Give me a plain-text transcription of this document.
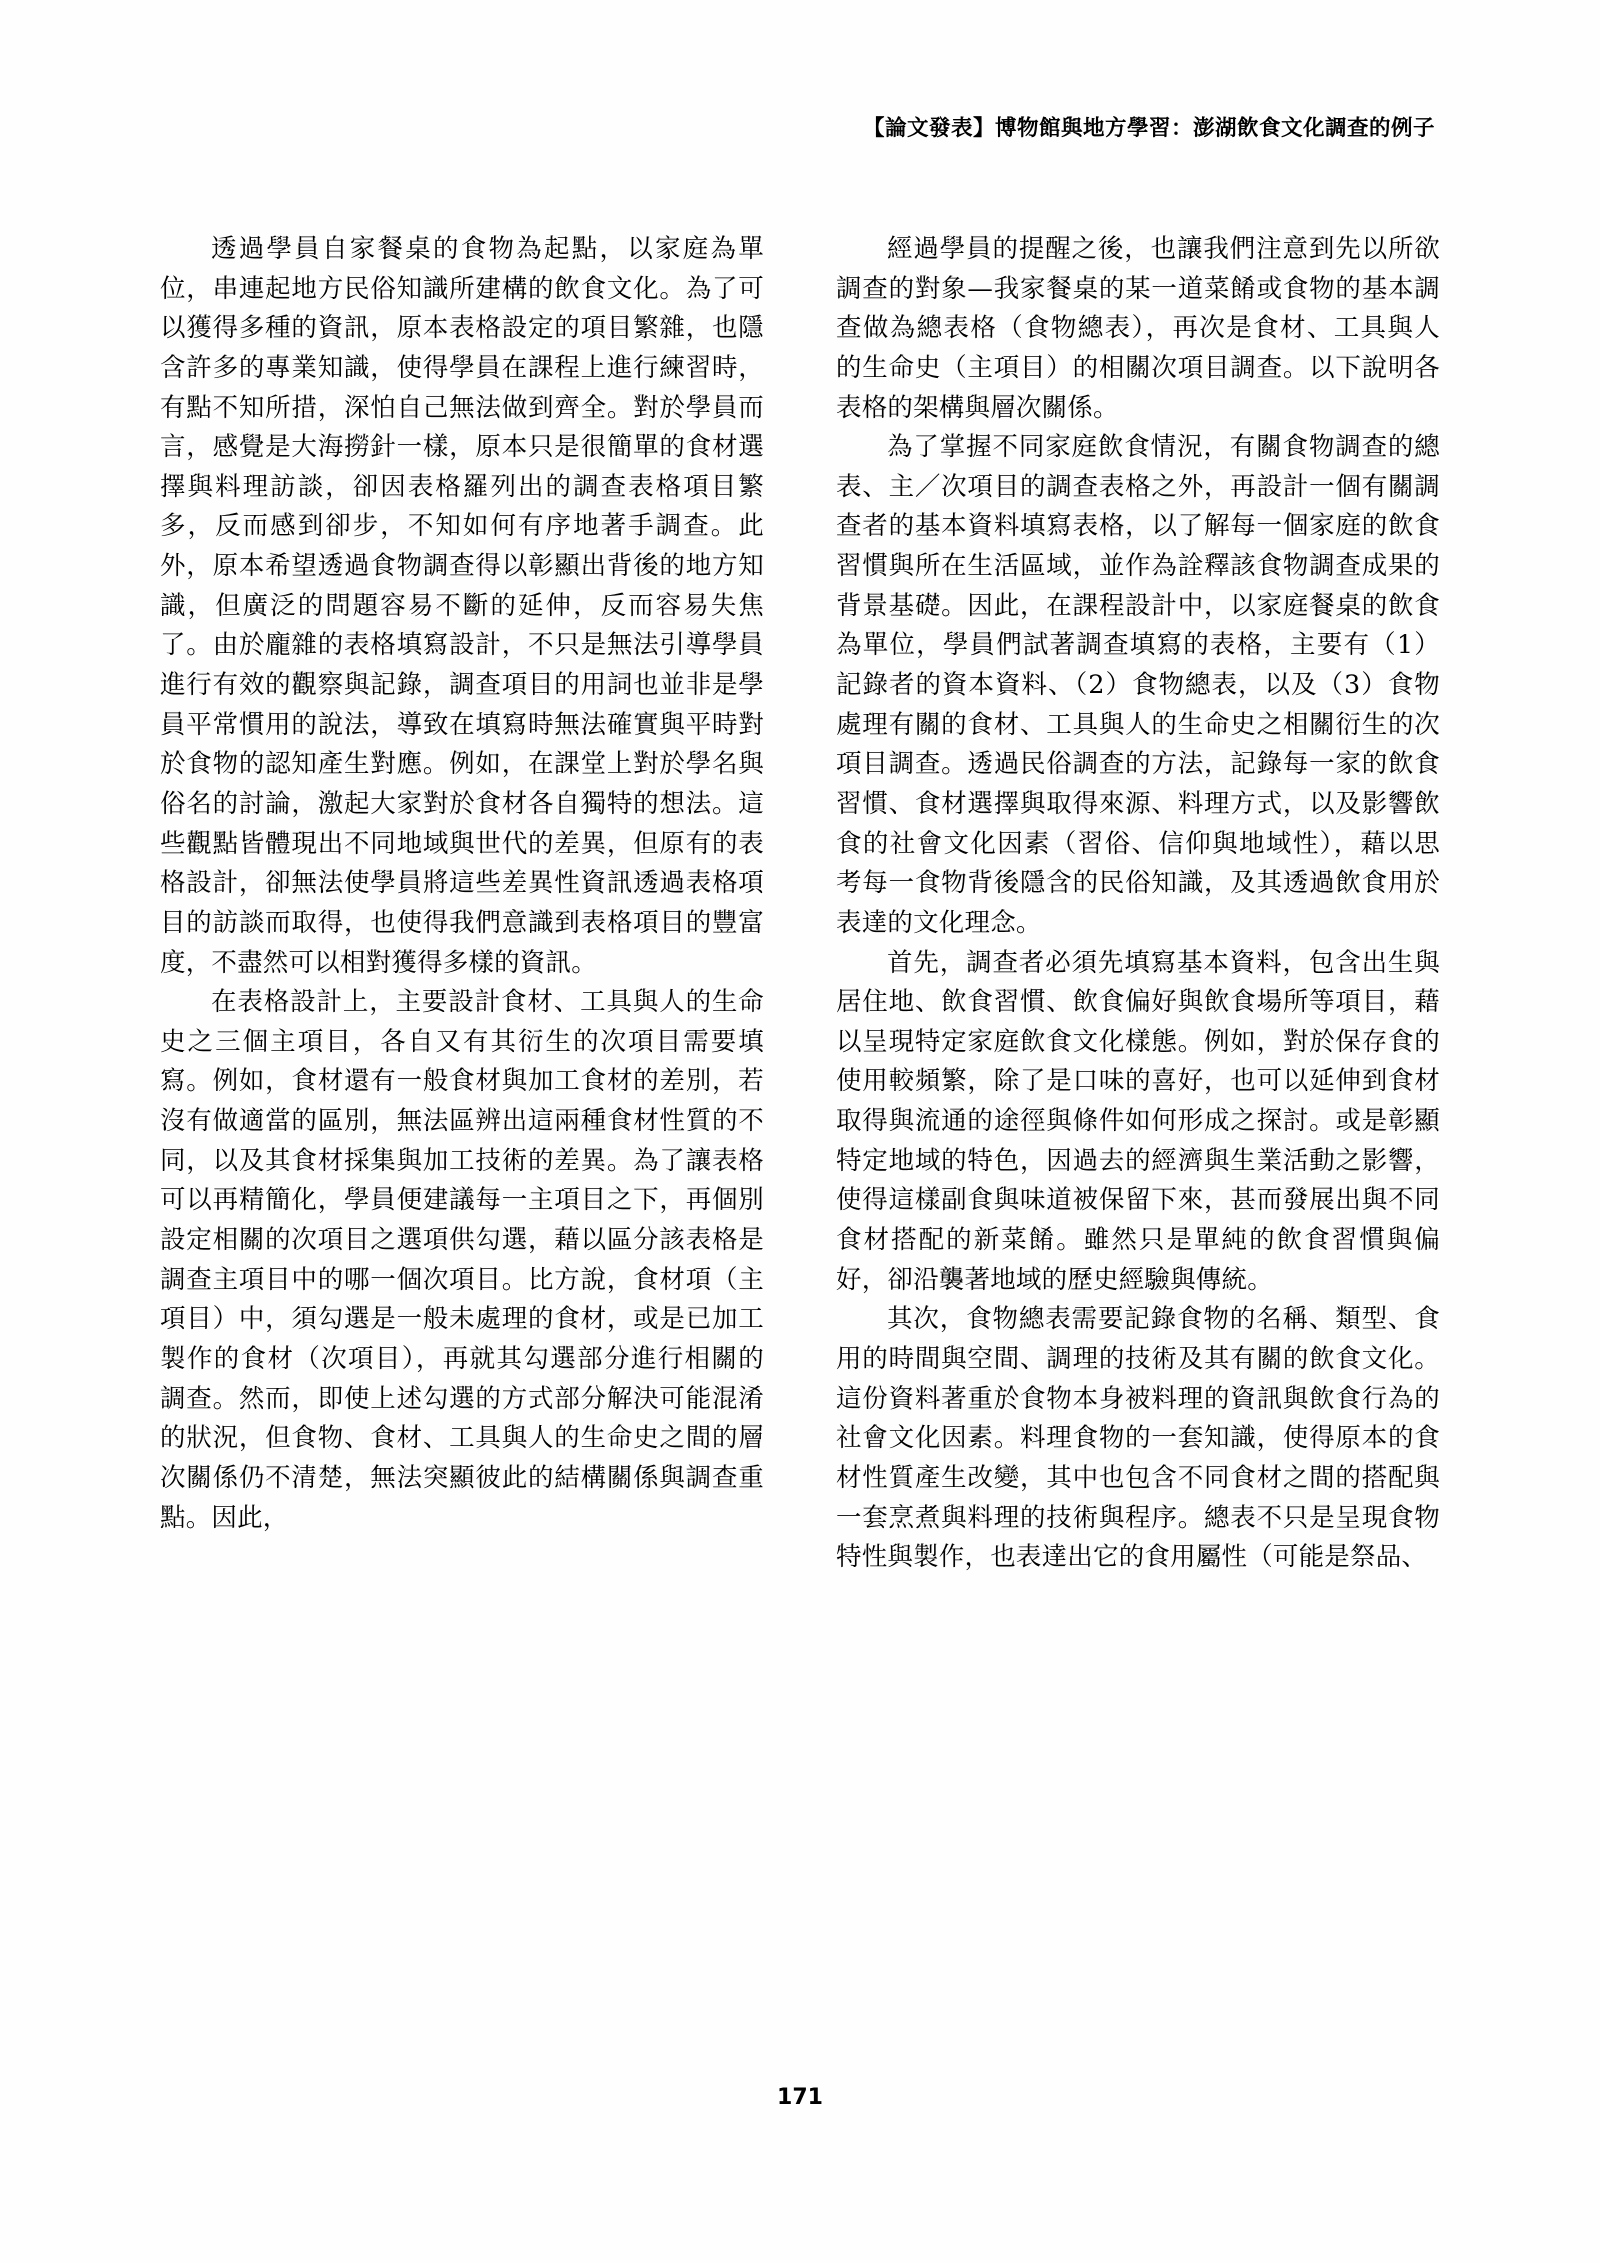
【論文發表】博物館與地方學習：澎湖飲食文化調查的例子

透過學員自家餐桌的食物為起點，以家庭為單位，串連起地方民俗知識所建構的飲食文化。為了可以獲得多種的資訊，原本表格設定的項目繁雜，也隱含許多的專業知識，使得學員在課程上進行練習時，有點不知所措，深怕自己無法做到齊全。對於學員而言，感覺是大海撈針一樣，原本只是很簡單的食材選擇與料理訪談，卻因表格羅列出的調查表格項目繁多，反而感到卻步，不知如何有序地著手調查。此外，原本希望透過食物調查得以彰顯出背後的地方知識，但廣泛的問題容易不斷的延伸，反而容易失焦了。由於龐雜的表格填寫設計，不只是無法引導學員進行有效的觀察與記錄，調查項目的用詞也並非是學員平常慣用的說法，導致在填寫時無法確實與平時對於食物的認知產生對應。例如，在課堂上對於學名與俗名的討論，激起大家對於食材各自獨特的想法。這些觀點皆體現出不同地域與世代的差異，但原有的表格設計，卻無法使學員將這些差異性資訊透過表格項目的訪談而取得，也使得我們意識到表格項目的豐富度，不盡然可以相對獲得多樣的資訊。

在表格設計上，主要設計食材、工具與人的生命史之三個主項目，各自又有其衍生的次項目需要填寫。例如，食材還有一般食材與加工食材的差別，若沒有做適當的區別，無法區辨出這兩種食材性質的不同，以及其食材採集與加工技術的差異。為了讓表格可以再精簡化，學員便建議每一主項目之下，再個別設定相關的次項目之選項供勾選，藉以區分該表格是調查主項目中的哪一個次項目。比方說，食材項（主項目）中，須勾選是一般未處理的食材，或是已加工製作的食材（次項目），再就其勾選部分進行相關的調查。然而，即使上述勾選的方式部分解決可能混淆的狀況，但食物、食材、工具與人的生命史之間的層次關係仍不清楚，無法突顯彼此的結構關係與調查重點。因此，

經過學員的提醒之後，也讓我們注意到先以所欲調查的對象—我家餐桌的某一道菜餚或食物的基本調查做為總表格（食物總表），再次是食材、工具與人的生命史（主項目）的相關次項目調查。以下說明各表格的架構與層次關係。

為了掌握不同家庭飲食情況，有關食物調查的總表、主／次項目的調查表格之外，再設計一個有關調查者的基本資料填寫表格，以了解每一個家庭的飲食習慣與所在生活區域，並作為詮釋該食物調查成果的背景基礎。因此，在課程設計中，以家庭餐桌的飲食為單位，學員們試著調查填寫的表格，主要有（1）記錄者的資本資料、（2）食物總表，以及（3）食物處理有關的食材、工具與人的生命史之相關衍生的次項目調查。透過民俗調查的方法，記錄每一家的飲食習慣、食材選擇與取得來源、料理方式，以及影響飲食的社會文化因素（習俗、信仰與地域性），藉以思考每一食物背後隱含的民俗知識，及其透過飲食用於表達的文化理念。

首先，調查者必須先填寫基本資料，包含出生與居住地、飲食習慣、飲食偏好與飲食場所等項目，藉以呈現特定家庭飲食文化樣態。例如，對於保存食的使用較頻繁，除了是口味的喜好，也可以延伸到食材取得與流通的途徑與條件如何形成之探討。或是彰顯特定地域的特色，因過去的經濟與生業活動之影響，使得這樣副食與味道被保留下來，甚而發展出與不同食材搭配的新菜餚。雖然只是單純的飲食習慣與偏好，卻沿襲著地域的歷史經驗與傳統。

其次，食物總表需要記錄食物的名稱、類型、食用的時間與空間、調理的技術及其有關的飲食文化。這份資料著重於食物本身被料理的資訊與飲食行為的社會文化因素。料理食物的一套知識，使得原本的食材性質產生改變，其中也包含不同食材之間的搭配與一套烹煮與料理的技術與程序。總表不只是呈現食物特性與製作，也表達出它的食用屬性（可能是祭品、

171
